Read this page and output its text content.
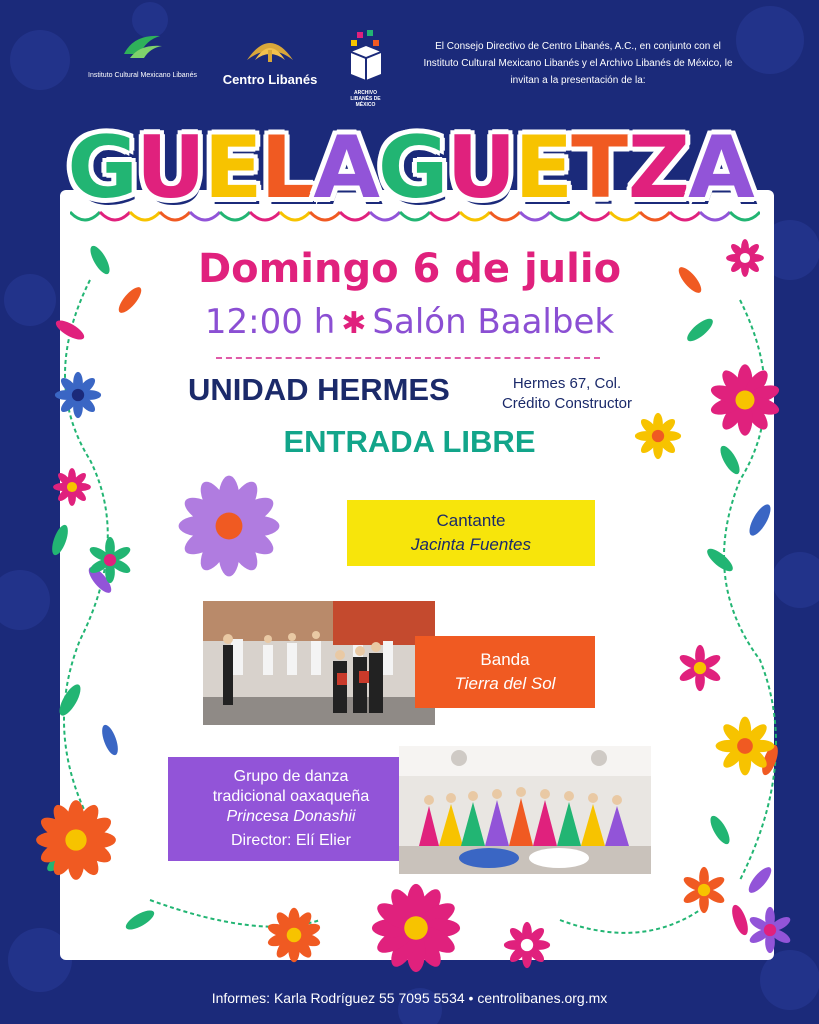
Instituto Cultural Mexicano Libanés	Centro Libanés
ARCHIVO
LIBANÉS DE
MÉXICO
El Consejo Directivo de Centro Libanés, A.C., en conjunto con el Instituto Cultural Mexicano Libanés y el Archivo Libanés de México, le invitan a la presentación de la:
GUELAGUETZA
Domingo 6 de julio
12:00 h ✱ Salón Baalbek
UNIDAD HERMES	Hermes 67, Col.
Crédito Constructor
ENTRADA LIBRE
Cantante
Jacinta Fuentes
Banda
Tierra del Sol
Grupo de danza
tradicional oaxaqueña
Princesa Donashii
Director: Elí Elier
Informes: Karla Rodríguez 55 7095 5534 • centrolibanes.org.mx
